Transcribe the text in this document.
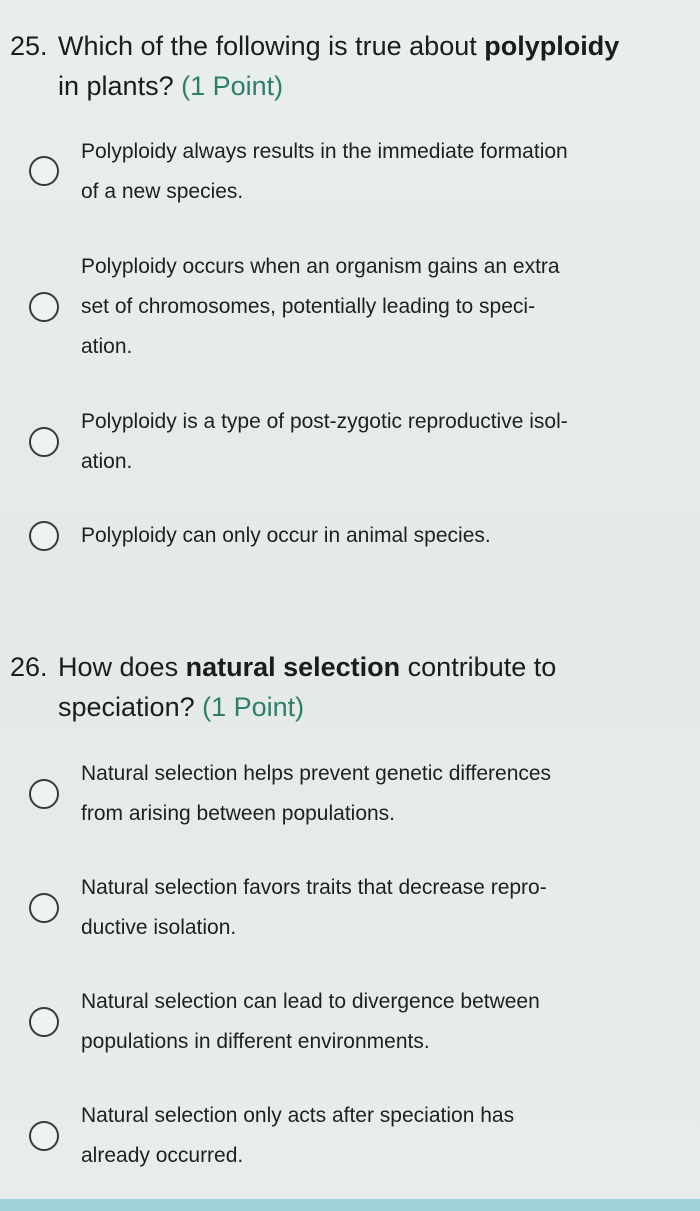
25. Which of the following is true about polyploidy
in plants? (1 Point)
Polyploidy always results in the immediate formation
of a new species.
Polyploidy occurs when an organism gains an extra
set of chromosomes, potentially leading to speci-
ation.
Polyploidy is a type of post-zygotic reproductive isol-
ation.
Polyploidy can only occur in animal species.
26. How does natural selection contribute to
speciation? (1 Point)
Natural selection helps prevent genetic differences
from arising between populations.
Natural selection favors traits that decrease repro-
ductive isolation.
Natural selection can lead to divergence between
populations in different environments.
Natural selection only acts after speciation has
already occurred.
